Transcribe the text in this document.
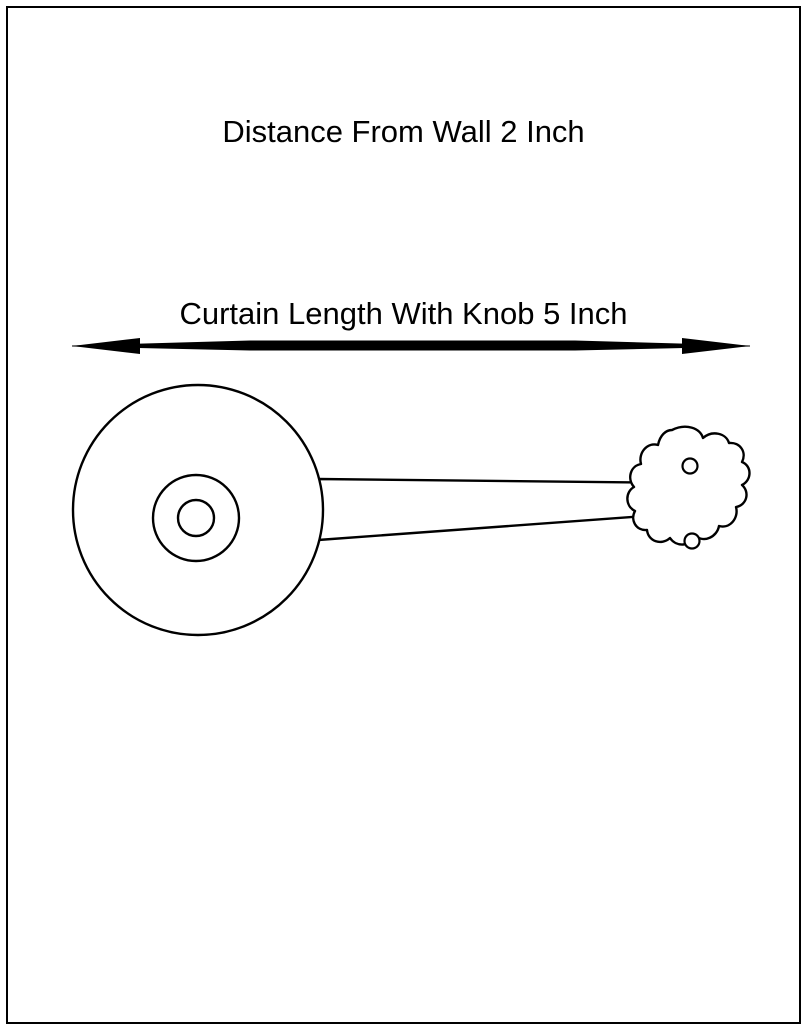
Distance From Wall 2 Inch
Curtain Length With Knob 5 Inch
